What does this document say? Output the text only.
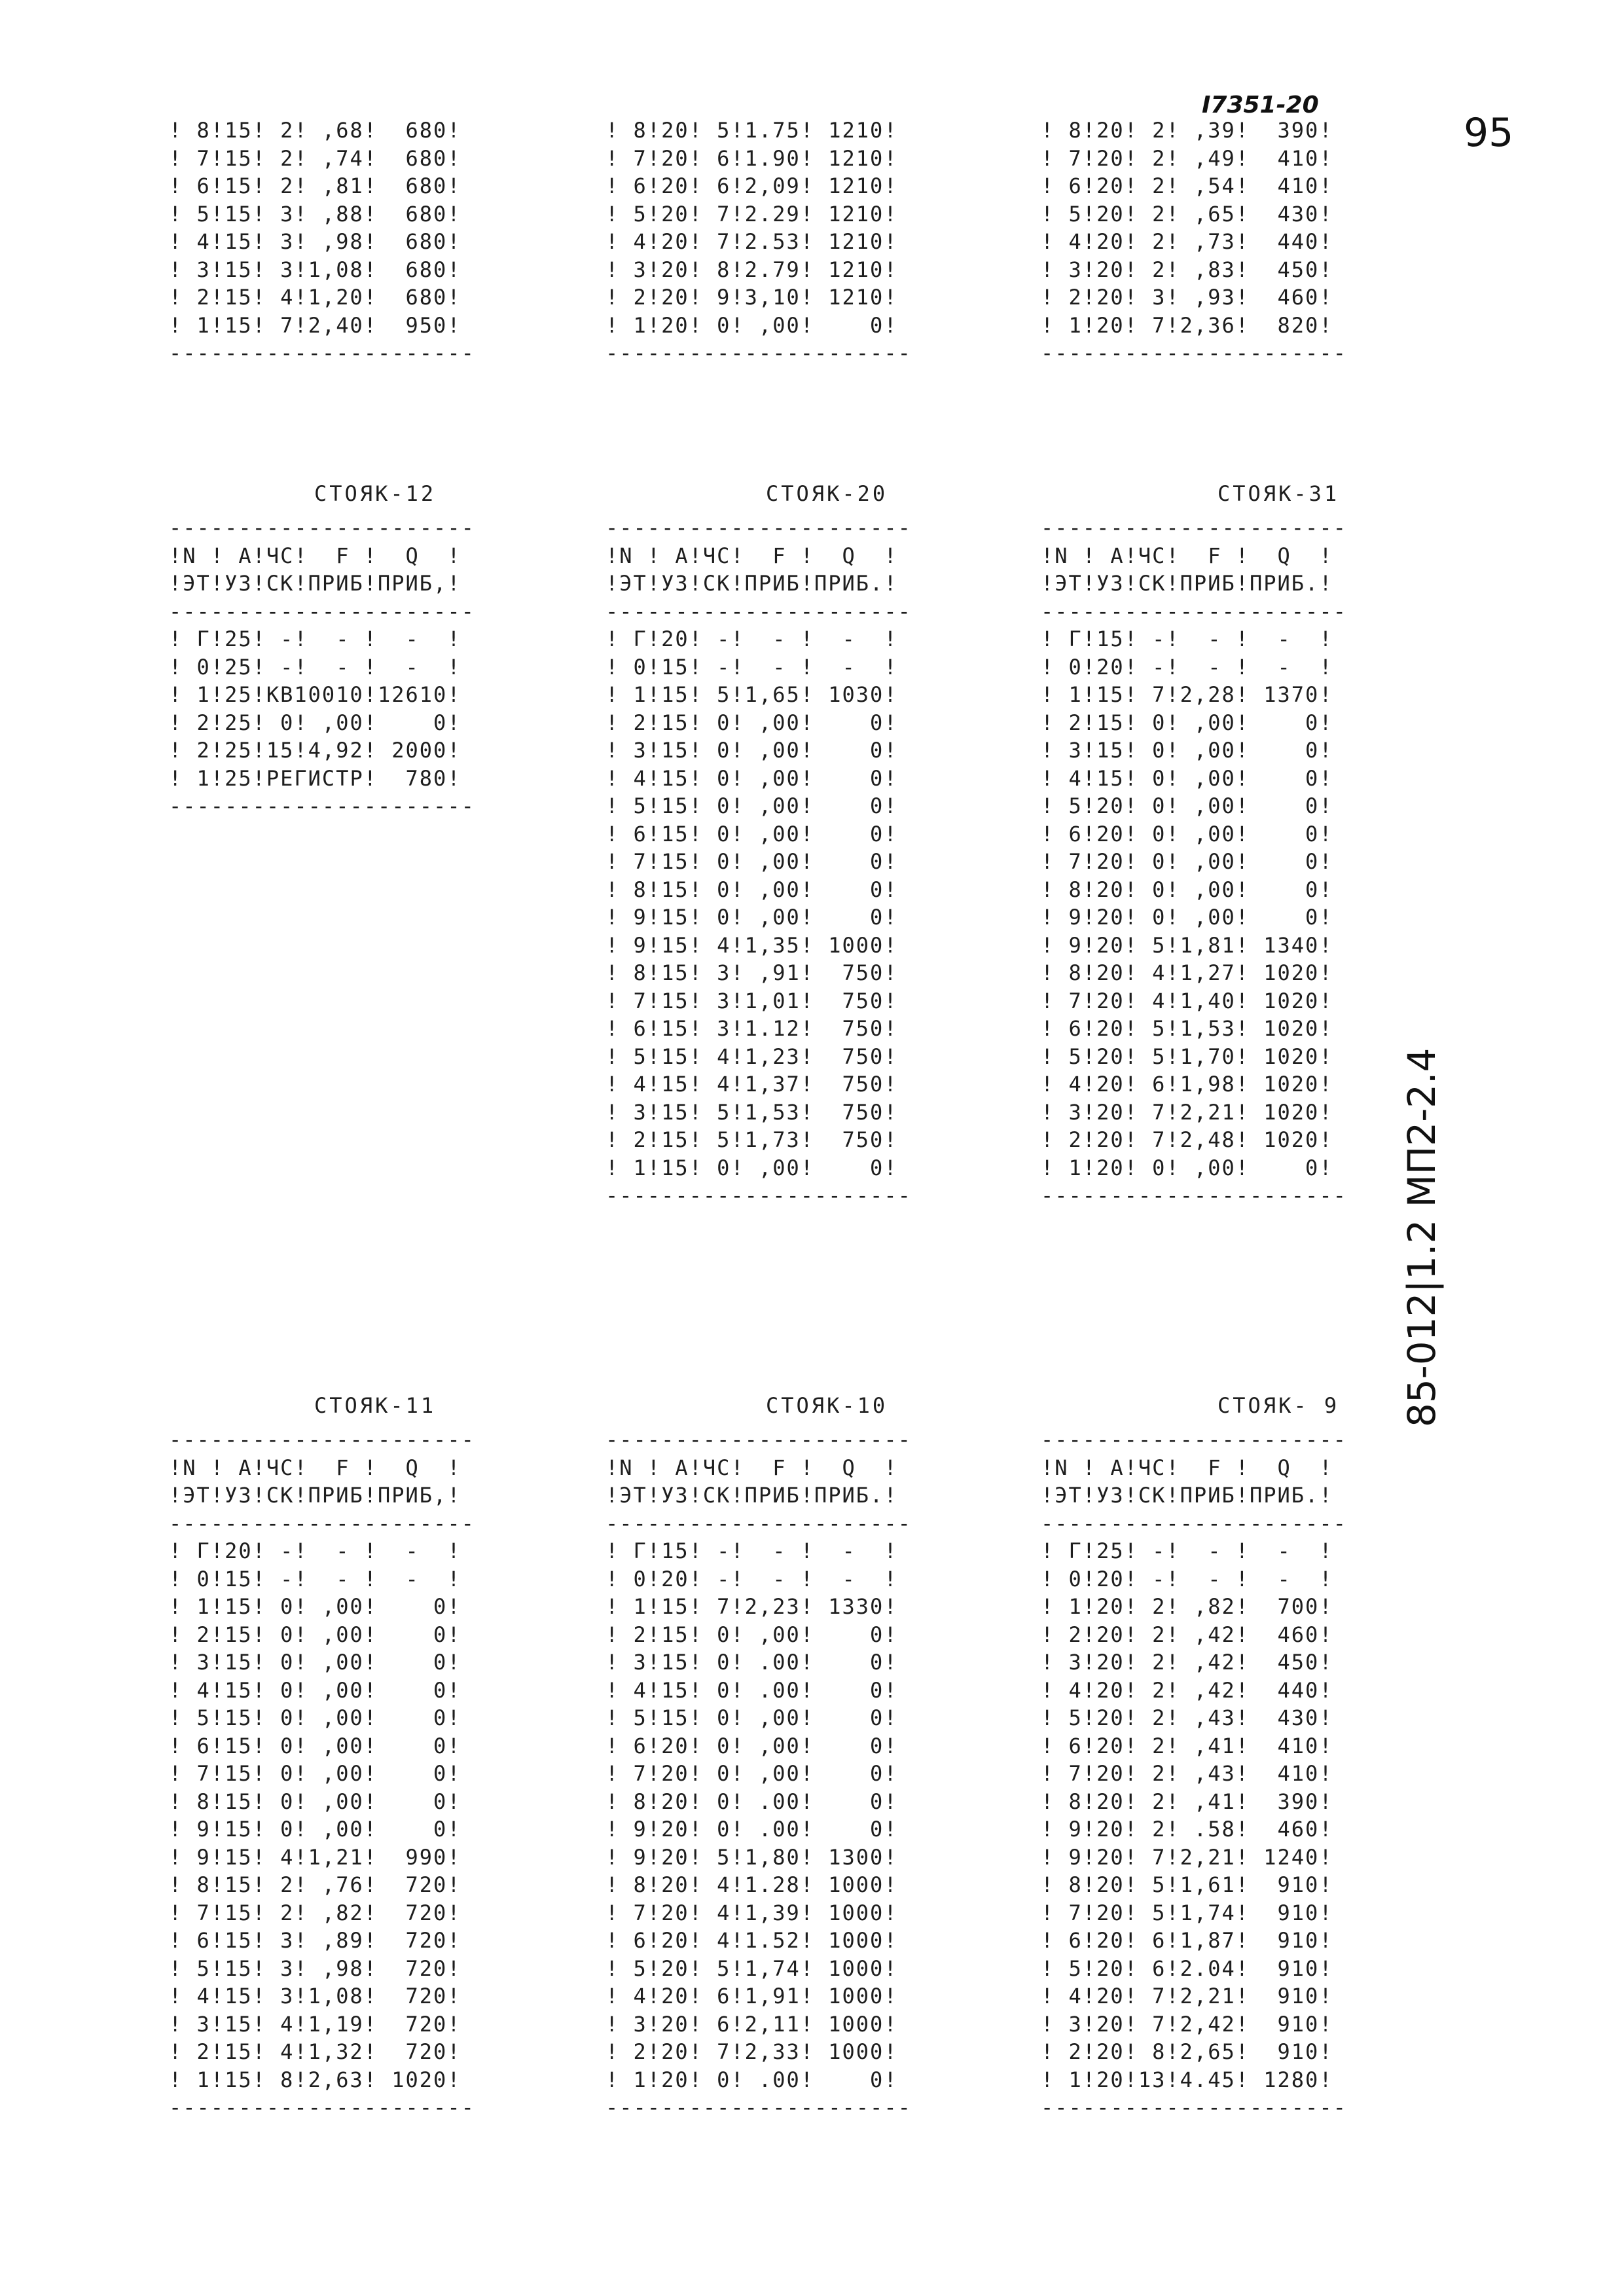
I7351-20
95
85-012|1.2 МП2-2.4
! 8!15! 2! ,68!  680!
! 7!15! 2! ,74!  680!
! 6!15! 2! ,81!  680!
! 5!15! 3! ,88!  680!
! 4!15! 3! ,98!  680!
! 3!15! 3!1,08!  680!
! 2!15! 4!1,20!  680!
! 1!15! 7!2,40!  950!
----------------------
! 8!20! 5!1.75! 1210!
! 7!20! 6!1.90! 1210!
! 6!20! 6!2,09! 1210!
! 5!20! 7!2.29! 1210!
! 4!20! 7!2.53! 1210!
! 3!20! 8!2.79! 1210!
! 2!20! 9!3,10! 1210!
! 1!20! 0! ,00!    0!
----------------------
! 8!20! 2! ,39!  390!
! 7!20! 2! ,49!  410!
! 6!20! 2! ,54!  410!
! 5!20! 2! ,65!  430!
! 4!20! 2! ,73!  440!
! 3!20! 2! ,83!  450!
! 2!20! 3! ,93!  460!
! 1!20! 7!2,36!  820!
----------------------
СТОЯК-12	СТОЯК-20	СТОЯК-31
----------------------
!N ! А!ЧС!  F !  Q  !
!ЭТ!УЗ!СК!ПРИБ!ПРИБ,!
----------------------
! Г!25! -!  - !  -  !
! 0!25! -!  - !  -  !
! 1!25!КВ10010!12610!
! 2!25! 0! ,00!    0!
! 2!25!15!4,92! 2000!
! 1!25!РЕГИСТР!  780!
----------------------
----------------------
!N ! А!ЧС!  F !  Q  !
!ЭТ!УЗ!СК!ПРИБ!ПРИБ.!
----------------------
! Г!20! -!  - !  -  !
! 0!15! -!  - !  -  !
! 1!15! 5!1,65! 1030!
! 2!15! 0! ,00!    0!
! 3!15! 0! ,00!    0!
! 4!15! 0! ,00!    0!
! 5!15! 0! ,00!    0!
! 6!15! 0! ,00!    0!
! 7!15! 0! ,00!    0!
! 8!15! 0! ,00!    0!
! 9!15! 0! ,00!    0!
! 9!15! 4!1,35! 1000!
! 8!15! 3! ,91!  750!
! 7!15! 3!1,01!  750!
! 6!15! 3!1.12!  750!
! 5!15! 4!1,23!  750!
! 4!15! 4!1,37!  750!
! 3!15! 5!1,53!  750!
! 2!15! 5!1,73!  750!
! 1!15! 0! ,00!    0!
----------------------
----------------------
!N ! А!ЧС!  F !  Q  !
!ЭТ!УЗ!СК!ПРИБ!ПРИБ.!
----------------------
! Г!15! -!  - !  -  !
! 0!20! -!  - !  -  !
! 1!15! 7!2,28! 1370!
! 2!15! 0! ,00!    0!
! 3!15! 0! ,00!    0!
! 4!15! 0! ,00!    0!
! 5!20! 0! ,00!    0!
! 6!20! 0! ,00!    0!
! 7!20! 0! ,00!    0!
! 8!20! 0! ,00!    0!
! 9!20! 0! ,00!    0!
! 9!20! 5!1,81! 1340!
! 8!20! 4!1,27! 1020!
! 7!20! 4!1,40! 1020!
! 6!20! 5!1,53! 1020!
! 5!20! 5!1,70! 1020!
! 4!20! 6!1,98! 1020!
! 3!20! 7!2,21! 1020!
! 2!20! 7!2,48! 1020!
! 1!20! 0! ,00!    0!
----------------------
СТОЯК-11	СТОЯК-10	СТОЯК- 9
----------------------
!N ! А!ЧС!  F !  Q  !
!ЭТ!УЗ!СК!ПРИБ!ПРИБ,!
----------------------
! Г!20! -!  - !  -  !
! 0!15! -!  - !  -  !
! 1!15! 0! ,00!    0!
! 2!15! 0! ,00!    0!
! 3!15! 0! ,00!    0!
! 4!15! 0! ,00!    0!
! 5!15! 0! ,00!    0!
! 6!15! 0! ,00!    0!
! 7!15! 0! ,00!    0!
! 8!15! 0! ,00!    0!
! 9!15! 0! ,00!    0!
! 9!15! 4!1,21!  990!
! 8!15! 2! ,76!  720!
! 7!15! 2! ,82!  720!
! 6!15! 3! ,89!  720!
! 5!15! 3! ,98!  720!
! 4!15! 3!1,08!  720!
! 3!15! 4!1,19!  720!
! 2!15! 4!1,32!  720!
! 1!15! 8!2,63! 1020!
----------------------
----------------------
!N ! А!ЧС!  F !  Q  !
!ЭТ!УЗ!СК!ПРИБ!ПРИБ.!
----------------------
! Г!15! -!  - !  -  !
! 0!20! -!  - !  -  !
! 1!15! 7!2,23! 1330!
! 2!15! 0! ,00!    0!
! 3!15! 0! .00!    0!
! 4!15! 0! .00!    0!
! 5!15! 0! ,00!    0!
! 6!20! 0! ,00!    0!
! 7!20! 0! ,00!    0!
! 8!20! 0! .00!    0!
! 9!20! 0! .00!    0!
! 9!20! 5!1,80! 1300!
! 8!20! 4!1.28! 1000!
! 7!20! 4!1,39! 1000!
! 6!20! 4!1.52! 1000!
! 5!20! 5!1,74! 1000!
! 4!20! 6!1,91! 1000!
! 3!20! 6!2,11! 1000!
! 2!20! 7!2,33! 1000!
! 1!20! 0! .00!    0!
----------------------
----------------------
!N ! А!ЧС!  F !  Q  !
!ЭТ!УЗ!СК!ПРИБ!ПРИБ.!
----------------------
! Г!25! -!  - !  -  !
! 0!20! -!  - !  -  !
! 1!20! 2! ,82!  700!
! 2!20! 2! ,42!  460!
! 3!20! 2! ,42!  450!
! 4!20! 2! ,42!  440!
! 5!20! 2! ,43!  430!
! 6!20! 2! ,41!  410!
! 7!20! 2! ,43!  410!
! 8!20! 2! ,41!  390!
! 9!20! 2! .58!  460!
! 9!20! 7!2,21! 1240!
! 8!20! 5!1,61!  910!
! 7!20! 5!1,74!  910!
! 6!20! 6!1,87!  910!
! 5!20! 6!2.04!  910!
! 4!20! 7!2,21!  910!
! 3!20! 7!2,42!  910!
! 2!20! 8!2,65!  910!
! 1!20!13!4.45! 1280!
----------------------
